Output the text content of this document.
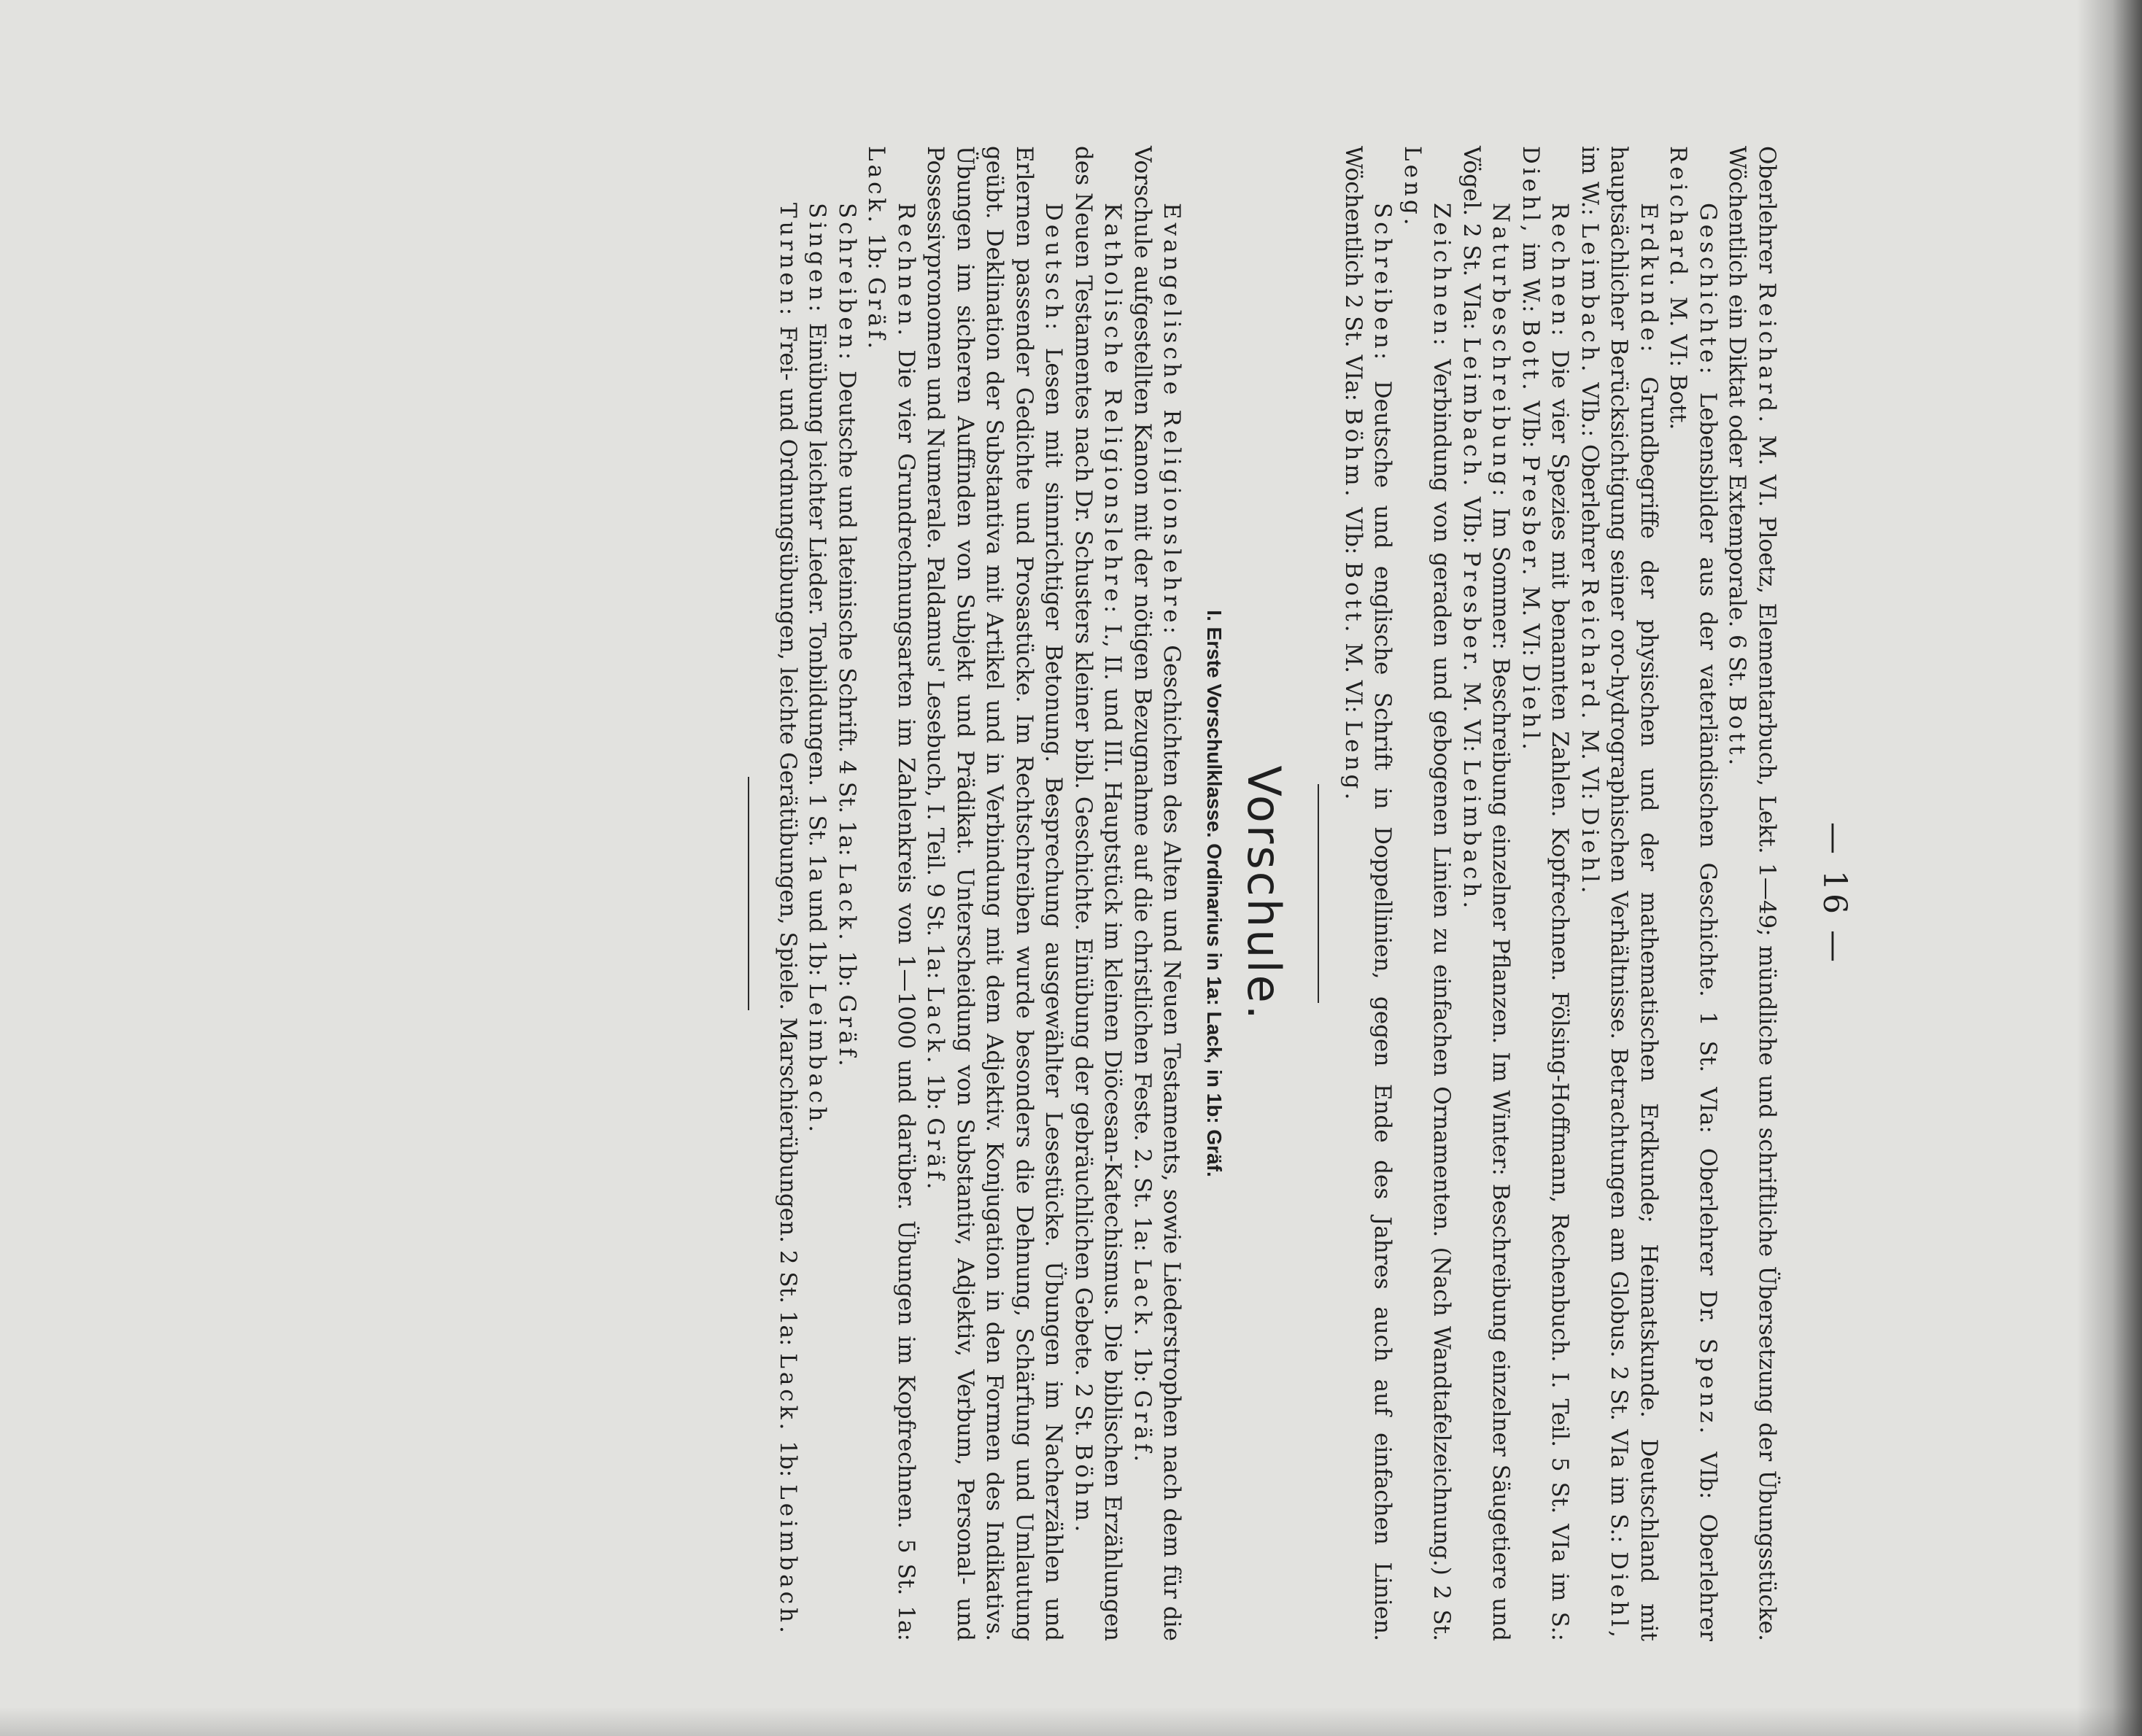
— 16 —

Oberlehrer Reichard. M. VI. Ploetz, Elementarbuch, Lekt. 1—49; mündliche und schriftliche Übersetzung der Übungsstücke. Wöchentlich ein Diktat oder Extemporale. 6 St. Bott.

Geschichte: Lebensbilder aus der vaterländischen Geschichte. 1 St. VIa: Oberlehrer Dr. Spenz. VIb: Oberlehrer Reichard. M. VI: Bott.

Erdkunde: Grundbegriffe der physischen und der mathematischen Erdkunde; Heimatskunde. Deutschland mit hauptsächlicher Berücksichtigung seiner oro-hydrographischen Verhältnisse. Betrachtungen am Globus. 2 St. VIa im S.: Diehl, im W.: Leimbach. VIb.: Oberlehrer Reichard. M. VI: Diehl.

Rechnen: Die vier Spezies mit benannten Zahlen. Kopfrechnen. Fölsing-Hoffmann, Rechenbuch. I. Teil. 5 St. VIa im S.: Diehl, im W.: Bott. VIb: Presber. M. VI: Diehl.

Naturbeschreibung: Im Sommer: Beschreibung einzelner Pflanzen. Im Winter: Beschreibung einzelner Säugetiere und Vögel. 2 St. VIa: Leimbach. VIb: Presber. M. VI: Leimbach.

Zeichnen: Verbindung von geraden und gebogenen Linien zu einfachen Ornamenten. (Nach Wandtafelzeichnung.) 2 St. Leng.

Schreiben: Deutsche und englische Schrift in Doppellinien, gegen Ende des Jahres auch auf einfachen Linien. Wöchentlich 2 St. VIa: Böhm. VIb: Bott. M. VI: Leng.

Vorschule.
I. Erste Vorschulklasse. Ordinarius in 1a: Lack, in 1b: Gräf.

Evangelische Religionslehre: Geschichten des Alten und Neuen Testaments, sowie Liederstrophen nach dem für die Vorschule aufgestellten Kanon mit der nötigen Bezugnahme auf die christlichen Feste. 2. St. 1a: Lack. 1b: Gräf.

Katholische Religionslehre: I., II. und III. Hauptstück im kleinen Diöcesan-Katechismus. Die biblischen Erzählungen des Neuen Testamentes nach Dr. Schusters kleiner bibl. Geschichte. Einübung der gebräuchlichen Gebete. 2 St. Böhm.

Deutsch: Lesen mit sinnrichtiger Betonung. Besprechung ausgewählter Lesestücke. Übungen im Nacherzählen und Erlernen passender Gedichte und Prosastücke. Im Rechtschreiben wurde besonders die Dehnung, Schärfung und Umlautung geübt. Deklination der Substantiva mit Artikel und in Verbindung mit dem Adjektiv. Konjugation in den Formen des Indikativs. Übungen im sicheren Auffinden von Subjekt und Prädikat. Unterscheidung von Substantiv, Adjektiv, Verbum, Personal- und Possessivpronomen und Numerale. Paldamus' Lesebuch, I. Teil. 9 St. 1a: Lack. 1b: Gräf.

Rechnen. Die vier Grundrechnungsarten im Zahlenkreis von 1—1000 und darüber. Übungen im Kopfrechnen. 5 St. 1a: Lack. 1b: Gräf.

Schreiben: Deutsche und lateinische Schrift. 4 St. 1a: Lack. 1b: Gräf.

Singen: Einübung leichter Lieder. Tonbildungen. 1 St. 1a und 1b: Leimbach.

Turnen: Frei- und Ordnungsübungen, leichte Gerätübungen, Spiele. Marschierübungen. 2 St. 1a: Lack. 1b: Leimbach.
